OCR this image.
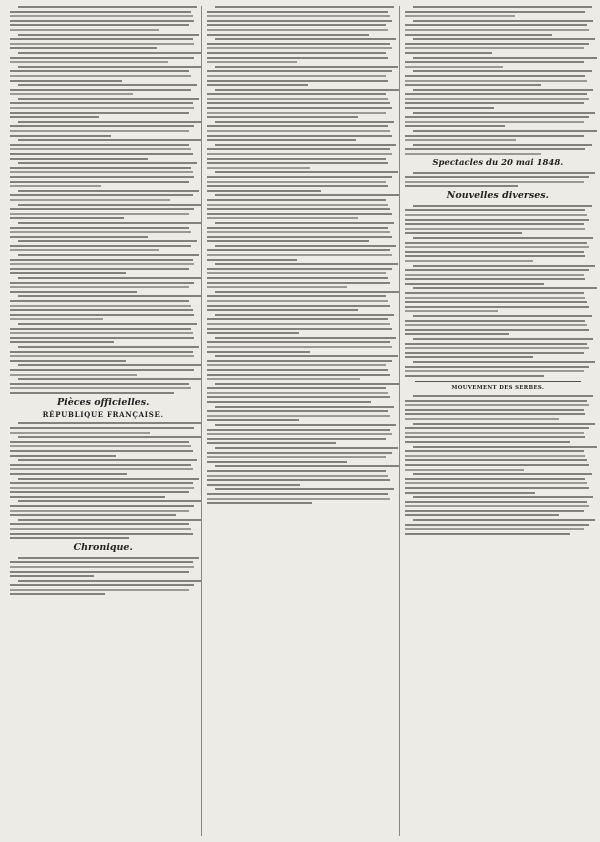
Pièces officielles.
RÉPUBLIQUE FRANÇAISE.
Chronique.
Spectacles du 20 mai 1848.
Nouvelles diverses.
MOUVEMENT DES SERBES.
